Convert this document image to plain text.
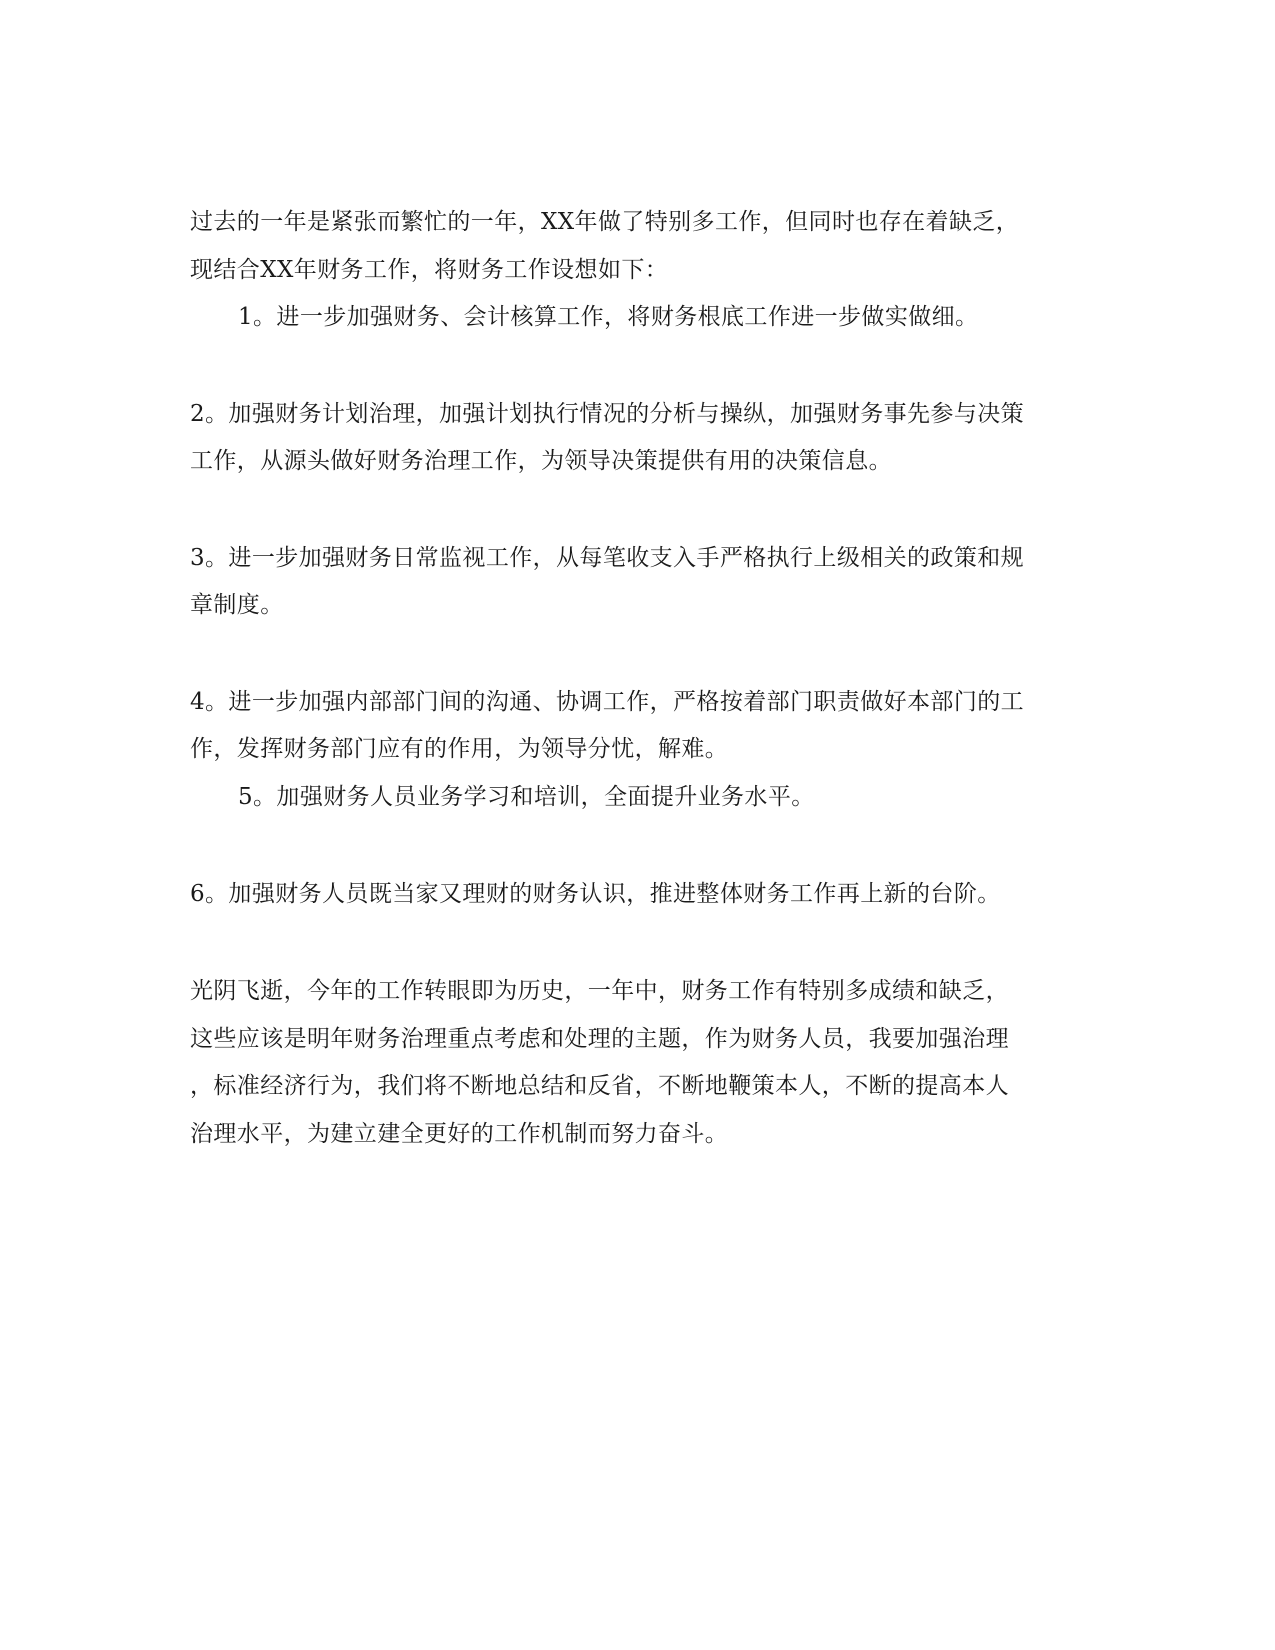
过去的一年是紧张而繁忙的一年，XX年做了特别多工作，但同时也存在着缺乏，
现结合XX年财务工作，将财务工作设想如下：
1。进一步加强财务、会计核算工作，将财务根底工作进一步做实做细。
2。加强财务计划治理，加强计划执行情况的分析与操纵，加强财务事先参与决策
工作，从源头做好财务治理工作，为领导决策提供有用的决策信息。
3。进一步加强财务日常监视工作，从每笔收支入手严格执行上级相关的政策和规
章制度。
4。进一步加强内部部门间的沟通、协调工作，严格按着部门职责做好本部门的工
作，发挥财务部门应有的作用，为领导分忧，解难。
5。加强财务人员业务学习和培训，全面提升业务水平。
6。加强财务人员既当家又理财的财务认识，推进整体财务工作再上新的台阶。
光阴飞逝，今年的工作转眼即为历史，一年中，财务工作有特别多成绩和缺乏，
这些应该是明年财务治理重点考虑和处理的主题，作为财务人员，我要加强治理
，标准经济行为，我们将不断地总结和反省，不断地鞭策本人，不断的提高本人
治理水平，为建立建全更好的工作机制而努力奋斗。
